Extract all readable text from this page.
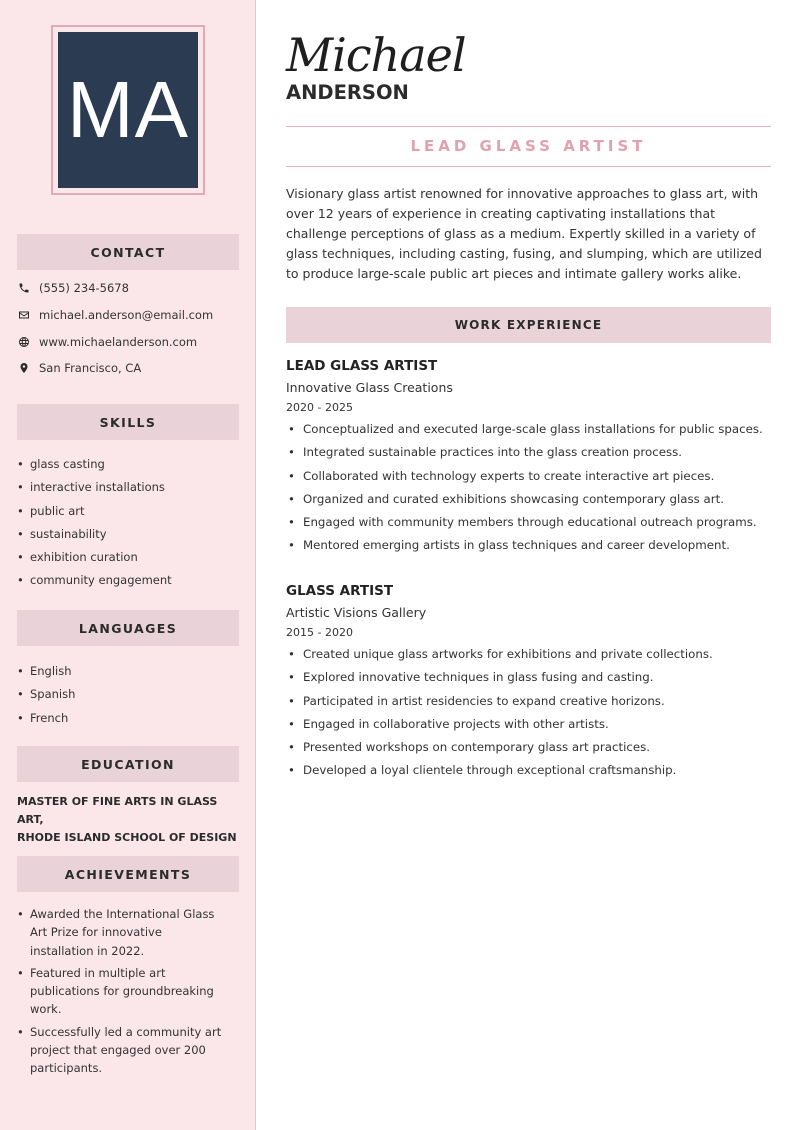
MA
CONTACT
(555) 234-5678
michael.anderson@email.com
www.michaelanderson.com
San Francisco, CA
SKILLS
• glass casting
• interactive installations
• public art
• sustainability
• exhibition curation
• community engagement
LANGUAGES
• English
• Spanish
• French
EDUCATION
MASTER OF FINE ARTS IN GLASS ART,
RHODE ISLAND SCHOOL OF DESIGN
ACHIEVEMENTS
• Awarded the International Glass Art Prize for innovative installation in 2022.
• Featured in multiple art publications for groundbreaking work.
• Successfully led a community art project that engaged over 200 participants.
Michael
ANDERSON
LEAD GLASS ARTIST

Visionary glass artist renowned for innovative approaches to glass art, with over 12 years of experience in creating captivating installations that challenge perceptions of glass as a medium. Expertly skilled in a variety of glass techniques, including casting, fusing, and slumping, which are utilized to produce large-scale public art pieces and intimate gallery works alike.

WORK EXPERIENCE
LEAD GLASS ARTIST
Innovative Glass Creations
2020 - 2025
• Conceptualized and executed large-scale glass installations for public spaces.
• Integrated sustainable practices into the glass creation process.
• Collaborated with technology experts to create interactive art pieces.
• Organized and curated exhibitions showcasing contemporary glass art.
• Engaged with community members through educational outreach programs.
• Mentored emerging artists in glass techniques and career development.
GLASS ARTIST
Artistic Visions Gallery
2015 - 2020
• Created unique glass artworks for exhibitions and private collections.
• Explored innovative techniques in glass fusing and casting.
• Participated in artist residencies to expand creative horizons.
• Engaged in collaborative projects with other artists.
• Presented workshops on contemporary glass art practices.
• Developed a loyal clientele through exceptional craftsmanship.
